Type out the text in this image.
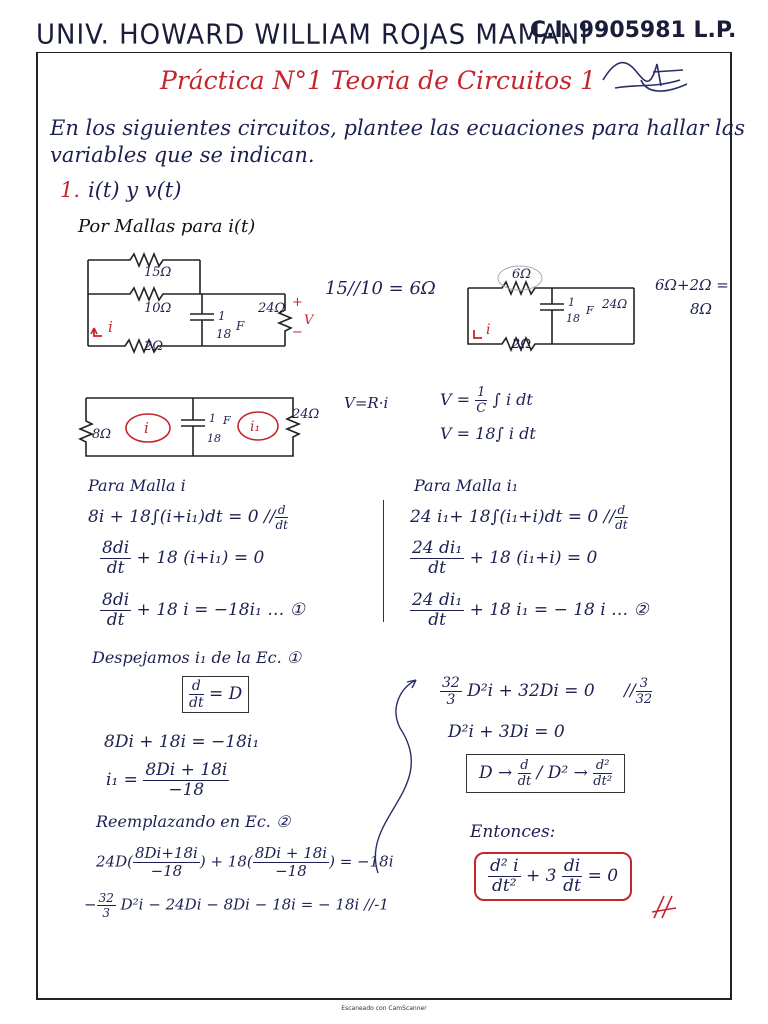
UNIV. HOWARD WILLIAM ROJAS MAMANI
C.I. 9905981 L.P.
Práctica N°1 Teoria de Circuitos 1
En los siguientes circuitos, plantee las ecuaciones para hallar las
variables que se indican.
1. i(t) y v(t)
Por Mallas para i(t)
15Ω
10Ω
2Ω
24Ω
1
18
F
i
+
−
V
15//10 = 6Ω
6Ω
2Ω
24Ω
1
18
F
i
6Ω+2Ω =
8Ω
8Ω
24Ω
1
18
F
i	i₁
V=R·i	$V = \frac{1}{C}$ ∫ i dt
V = 18∫ i dt
Para Malla i
$8i + 18\int(i+i_1)dt = 0 // \frac{d}{dt}$
$\frac{8di}{dt} + 18$ (i+i₁) = 0
$\frac{8di}{dt} + 18$ i = −18i₁ … ①
Para Malla i₁
24 $i_1+ 18\int(i_1+i)dt = 0 // \frac{d}{dt}$
$\frac{\text{24 di₁}}{dt} + 18$ (i₁+i) = 0
$\frac{\text{24 di₁}}{dt} + 18$ i₁ = − 18 i … ②
Despejamos i₁ de la Ec. ①
$\frac{d}{dt} = D$
8Di + 18i = −18i₁
$i_1 = \frac{8Di + 18i}{-18}$
Reemplazando en Ec. ②
$24D( \frac{8Di+18i}{-18}$ ) + $18( \frac{8Di + 18i}{-18}$ ) = −18i
− $\frac{32}{3} D^2i - 24Di - 8Di - 18i$ = − 18i //-1
$\frac{32}{3} D^2i + 32Di = 0 // \frac{3}{32}$
D²i + 3Di = 0
$D \to \frac{d}{dt} / D^2 \to \frac{\text{d²}}{\text{dt²}}$
Entonces:
$\frac{\text{d² i}}{\text{dt²}} + 3 \frac{di}{dt} = 0$
Escaneado con CamScanner
